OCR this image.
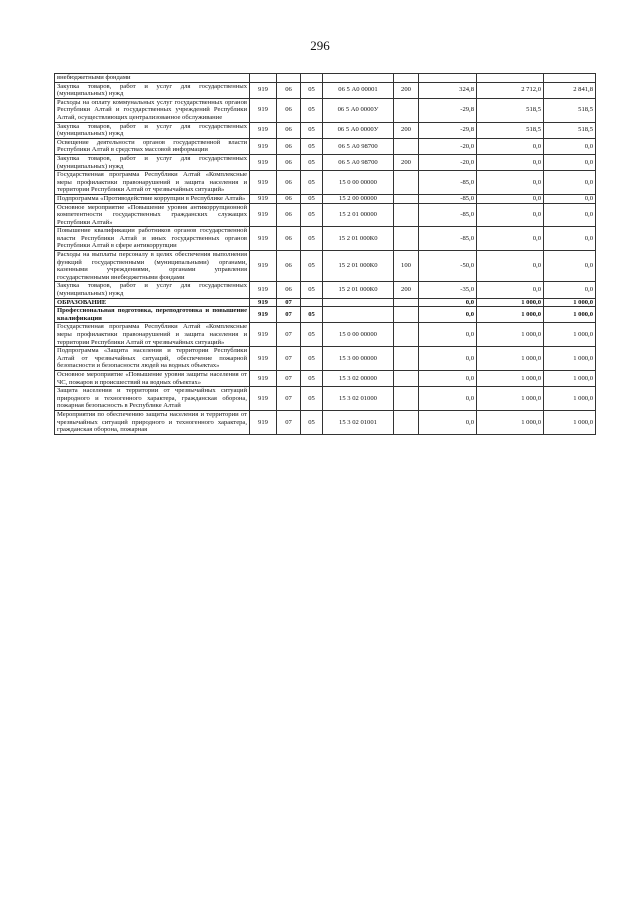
296
внебюджетными фондами								
Закупка товаров, работ и услуг для государственных (муниципальных) нужд	919	06	05	06 5 А0 00001	200	324,8	2 712,0	2 841,8
Расходы на оплату коммунальных услуг государственных органов Республики Алтай и государственных учреждений Республики Алтай, осуществляющих централизованное обслуживание	919	06	05	06 5 А0 0000У		-29,8	518,5	518,5
Закупка товаров, работ и услуг для государственных (муниципальных) нужд	919	06	05	06 5 А0 0000У	200	-29,8	518,5	518,5
Освещение деятельности органов государственной власти Республики Алтай в средствах массовой информации	919	06	05	06 5 А0 98700		-20,0	0,0	0,0
Закупка товаров, работ и услуг для государственных (муниципальных) нужд	919	06	05	06 5 А0 98700	200	-20,0	0,0	0,0
Государственная программа Республики Алтай «Комплексные меры профилактики правонарушений и защита населения и территории Республики Алтай от чрезвычайных ситуаций»	919	06	05	15 0 00 00000		-85,0	0,0	0,0
Подпрограмма «Противодействие коррупции в Республике Алтай»	919	06	05	15 2 00 00000		-85,0	0,0	0,0
Основное мероприятие «Повышение уровня антикоррупционной компетентности государственных гражданских служащих Республики Алтай»	919	06	05	15 2 01 00000		-85,0	0,0	0,0
Повышение квалификации работников органов государственной власти Республики Алтай и иных государственных органов Республики Алтай в сфере антикоррупции	919	06	05	15 2 01 000К0		-85,0	0,0	0,0
Расходы на выплаты персоналу в целях обеспечения выполнения функций государственными (муниципальными) органами, казенными учреждениями, органами управления государственными внебюджетными фондами	919	06	05	15 2 01 000К0	100	-50,0	0,0	0,0
Закупка товаров, работ и услуг для государственных (муниципальных) нужд	919	06	05	15 2 01 000К0	200	-35,0	0,0	0,0
ОБРАЗОВАНИЕ	919	07				0,0	1 000,0	1 000,0
Профессиональная подготовка, переподготовка и повышение квалификации	919	07	05			0,0	1 000,0	1 000,0
Государственная программа Республики Алтай «Комплексные меры профилактики правонарушений и защита населения и территории Республики Алтай от чрезвычайных ситуаций»	919	07	05	15 0 00 00000		0,0	1 000,0	1 000,0
Подпрограмма «Защита населения и территории Республики Алтай от чрезвычайных ситуаций, обеспечение пожарной безопасности и безопасности людей на водных объектах»	919	07	05	15 3 00 00000		0,0	1 000,0	1 000,0
Основное мероприятие «Повышение уровня защиты населения от ЧС, пожаров и происшествий на водных объектах»	919	07	05	15 3 02 00000		0,0	1 000,0	1 000,0
Защита населения и территории от чрезвычайных ситуаций природного и техногенного характера, гражданская оборона, пожарная безопасность в Республике Алтай	919	07	05	15 3 02 01000		0,0	1 000,0	1 000,0
Мероприятия по обеспечению защиты населения и территории от чрезвычайных ситуаций природного и техногенного характера, гражданская оборона, пожарная	919	07	05	15 3 02 01001		0,0	1 000,0	1 000,0
